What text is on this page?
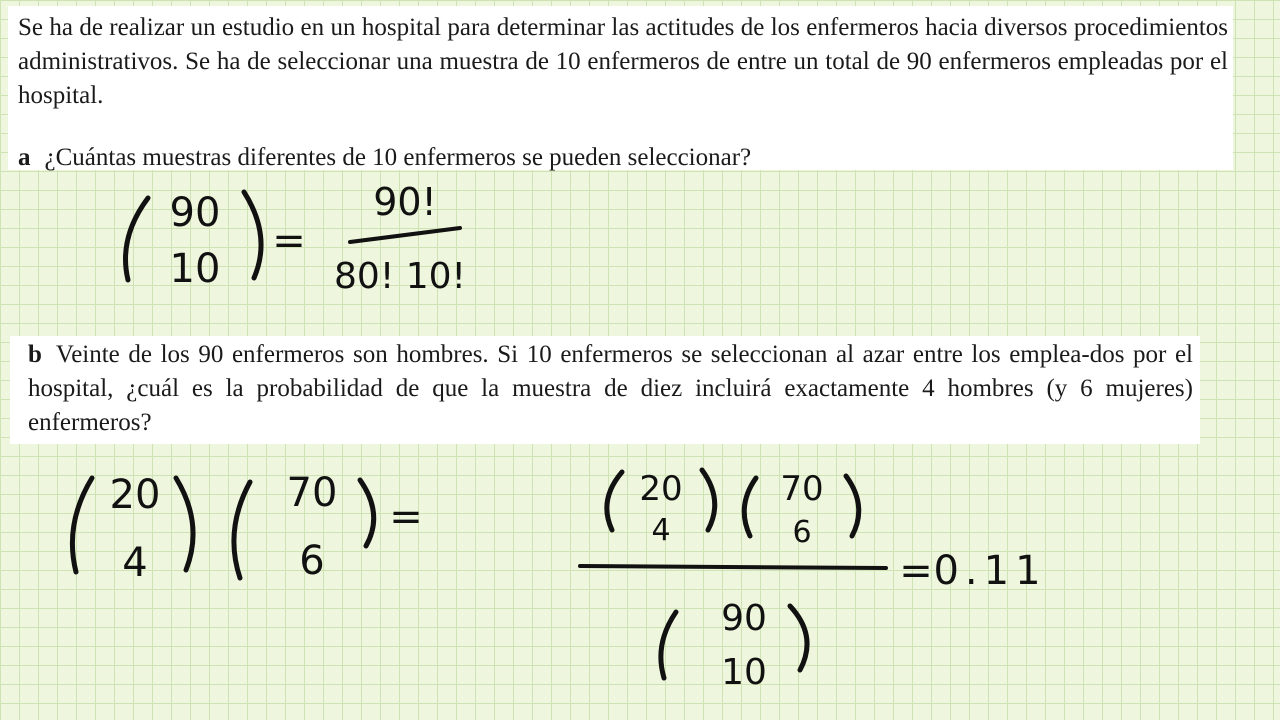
Se ha de realizar un estudio en un hospital para determinar las actitudes de los enfermeros hacia diversos procedimientos administrativos. Se ha de seleccionar una muestra de 10 enfermeros de entre un total de 90 enfermeros empleadas por el hospital.
a ¿Cuántas muestras diferentes de 10 enfermeros se pueden seleccionar?
b Veinte de los 90 enfermeros son hombres. Si 10 enfermeros se seleccionan al azar entre los emplea-dos por el hospital, ¿cuál es la probabilidad de que la muestra de diez incluirá exactamente 4 hombres (y 6 mujeres) enfermeros?
90
10
=
90!
80! 10!
20
4
70
6
=
20
4
70
6
90
10
= 0.11
